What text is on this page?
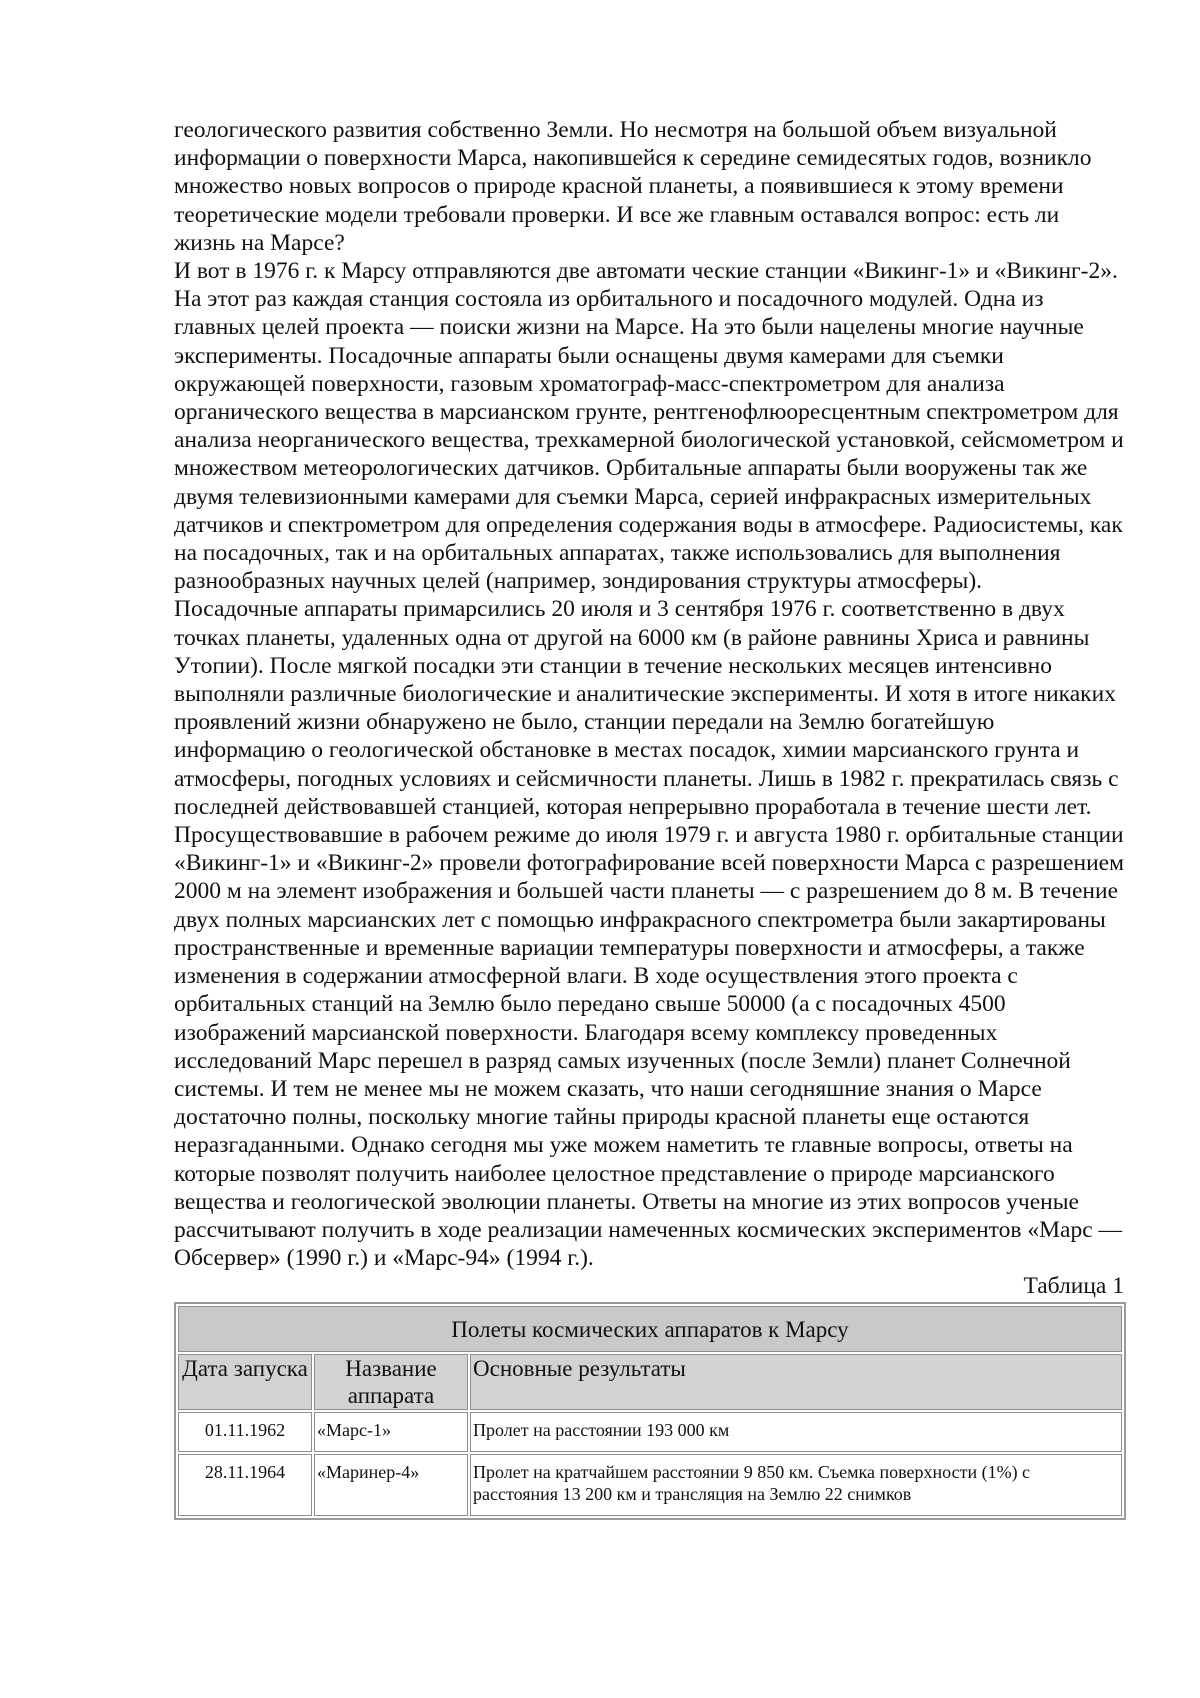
геологического развития собственно Земли. Но несмотря на большой объем визуальной информации о поверхности Марса, накопившейся к середине семидесятых годов, возникло множество новых вопросов о природе красной планеты, а появившиеся к этому времени теоретические модели требовали проверки. И все же главным оставался вопрос: есть ли жизнь на Марсе?

И вот в 1976 г. к Марсу отправляются две автомати ческие станции «Викинг-1» и «Викинг-2». На этот раз каждая станция состояла из орбитального и посадочного модулей. Одна из главных целей проекта — поиски жизни на Марсе. На это были нацелены многие научные эксперименты. Посадочные аппараты были оснащены двумя камерами для съемки окружающей поверхности, газовым хроматограф-масс-спектрометром для анализа органического вещества в марсианском грунте, рентгенофлюоресцентным спектрометром для анализа неорганического вещества, трехкамерной биологической установкой, сейсмометром и множеством метеорологических датчиков. Орбитальные аппараты были вооружены так же двумя телевизионными камерами для съемки Марса, серией инфракрасных измерительных датчиков и спектрометром для определения содержания воды в атмосфере. Радиосистемы, как на посадочных, так и на орбитальных аппаратах, также использовались для выполнения разнообразных научных целей (например, зондирования структуры атмосферы).

Посадочные аппараты примарсились 20 июля и 3 сентября 1976 г. соответственно в двух точках планеты, удаленных одна от другой на 6000 км (в районе равнины Хриса и равнины Утопии). После мягкой посадки эти станции в течение нескольких месяцев интенсивно выполняли различные биологические и аналитические эксперименты. И хотя в итоге никаких проявлений жизни обнаружено не было, станции передали на Землю богатейшую информацию о геологической обстановке в местах посадок, химии марсианского грунта и атмосферы, погодных условиях и сейсмичности планеты. Лишь в 1982 г. прекратилась связь с последней действовавшей станцией, которая непрерывно проработала в течение шести лет. Просуществовавшие в рабочем режиме до июля 1979 г. и августа 1980 г. орбитальные станции «Викинг-1» и «Викинг-2» провели фотографирование всей поверхности Марса с разрешением 2000 м на элемент изображения и большей части планеты — с разрешением до 8 м. В течение двух полных марсианских лет с помощью инфракрасного спектрометра были закартированы пространственные и временные вариации температуры поверхности и атмосферы, а также изменения в содержании атмосферной влаги. В ходе осуществления этого проекта с орбитальных станций на Землю было передано свыше 50000 (а с посадочных 4500 изображений марсианской поверхности. Благодаря всему комплексу проведенных исследований Марс перешел в разряд самых изученных (после Земли) планет Солнечной системы. И тем не менее мы не можем сказать, что наши сегодняшние знания о Марсе достаточно полны, поскольку многие тайны природы красной планеты еще остаются неразгаданными. Однако сегодня мы уже можем наметить те главные вопросы, ответы на которые позволят получить наиболее целостное представление о природе марсианского вещества и геологической эволюции планеты. Ответы на многие из этих вопросов ученые рассчитывают получить в ходе реализации намеченных космических экспериментов «Марс — Обсервер» (1990 г.) и «Марс-94» (1994 г.).

Таблица 1

Полеты космических аппаратов к Марсу		
Дата запуска	Название аппарата	Основные результаты
01.11.1962	«Марс-1»	Пролет на расстоянии 193 000 км
28.11.1964	«Маринер-4»	Пролет на кратчайшем расстоянии 9 850 км. Съемка поверхности (1%) с расстояния 13 200 км и трансляция на Землю 22 снимков
